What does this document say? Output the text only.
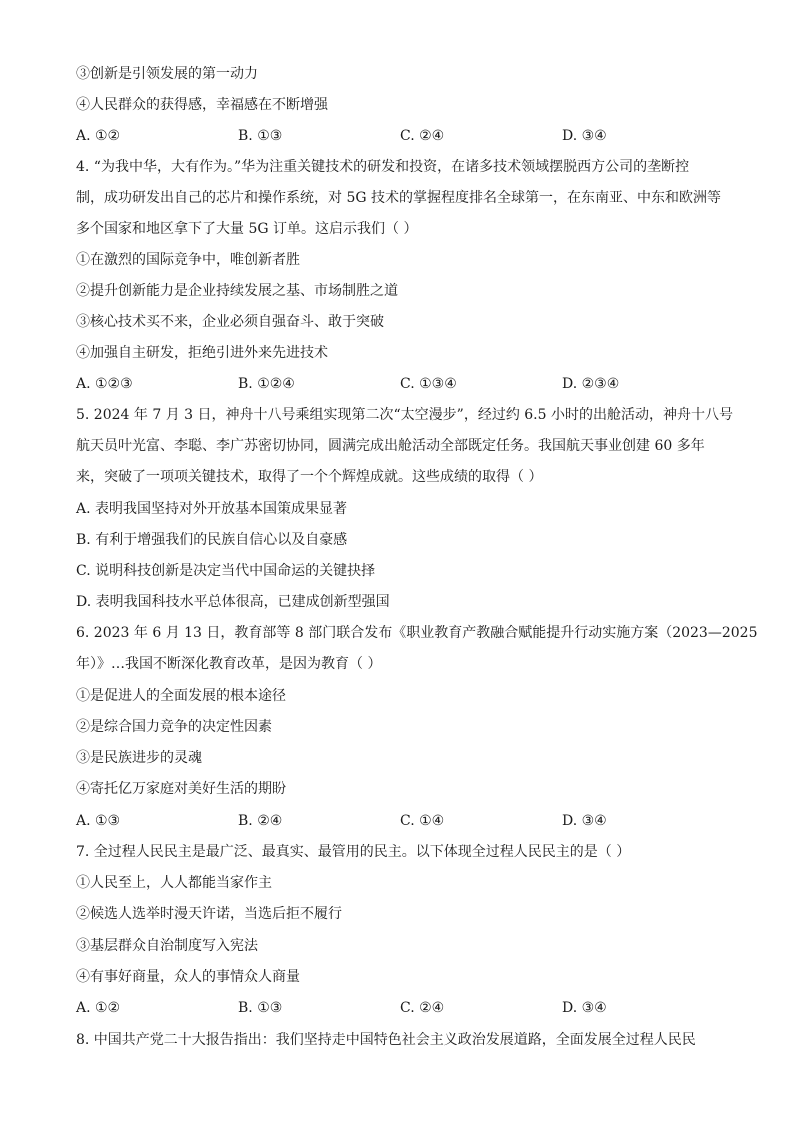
③创新是引领发展的第一动力
④人民群众的获得感，幸福感在不断增强
A. ①②	B. ①③	C. ②④	D. ③④
4. “为我中华，大有作为。”华为注重关键技术的研发和投资，在诸多技术领域摆脱西方公司的垄断控
制，成功研发出自己的芯片和操作系统，对 5G 技术的掌握程度排名全球第一，在东南亚、中东和欧洲等
多个国家和地区拿下了大量 5G 订单。这启示我们（ ）
①在激烈的国际竞争中，唯创新者胜
②提升创新能力是企业持续发展之基、市场制胜之道
③核心技术买不来，企业必须自强奋斗、敢于突破
④加强自主研发，拒绝引进外来先进技术
A. ①②③	B. ①②④	C. ①③④	D. ②③④
5. 2024 年 7 月 3 日，神舟十八号乘组实现第二次“太空漫步”，经过约 6.5 小时的出舱活动，神舟十八号
航天员叶光富、李聪、李广苏密切协同，圆满完成出舱活动全部既定任务。我国航天事业创建 60 多年
来，突破了一项项关键技术，取得了一个个辉煌成就。这些成绩的取得（ ）
A. 表明我国坚持对外开放基本国策成果显著
B. 有利于增强我们的民族自信心以及自豪感
C. 说明科技创新是决定当代中国命运的关键抉择
D. 表明我国科技水平总体很高，已建成创新型强国
6. 2023 年 6 月 13 日，教育部等 8 部门联合发布《职业教育产教融合赋能提升行动实施方案（2023—2025
年）》…我国不断深化教育改革，是因为教育（ ）
①是促进人的全面发展的根本途径
②是综合国力竞争的决定性因素
③是民族进步的灵魂
④寄托亿万家庭对美好生活的期盼
A. ①③	B. ②④	C. ①④	D. ③④
7. 全过程人民民主是最广泛、最真实、最管用的民主。以下体现全过程人民民主的是（ ）
①人民至上，人人都能当家作主
②候选人选举时漫天许诺，当选后拒不履行
③基层群众自治制度写入宪法
④有事好商量，众人的事情众人商量
A. ①②	B. ①③	C. ②④	D. ③④
8. 中国共产党二十大报告指出：我们坚持走中国特色社会主义政治发展道路，全面发展全过程人民民
